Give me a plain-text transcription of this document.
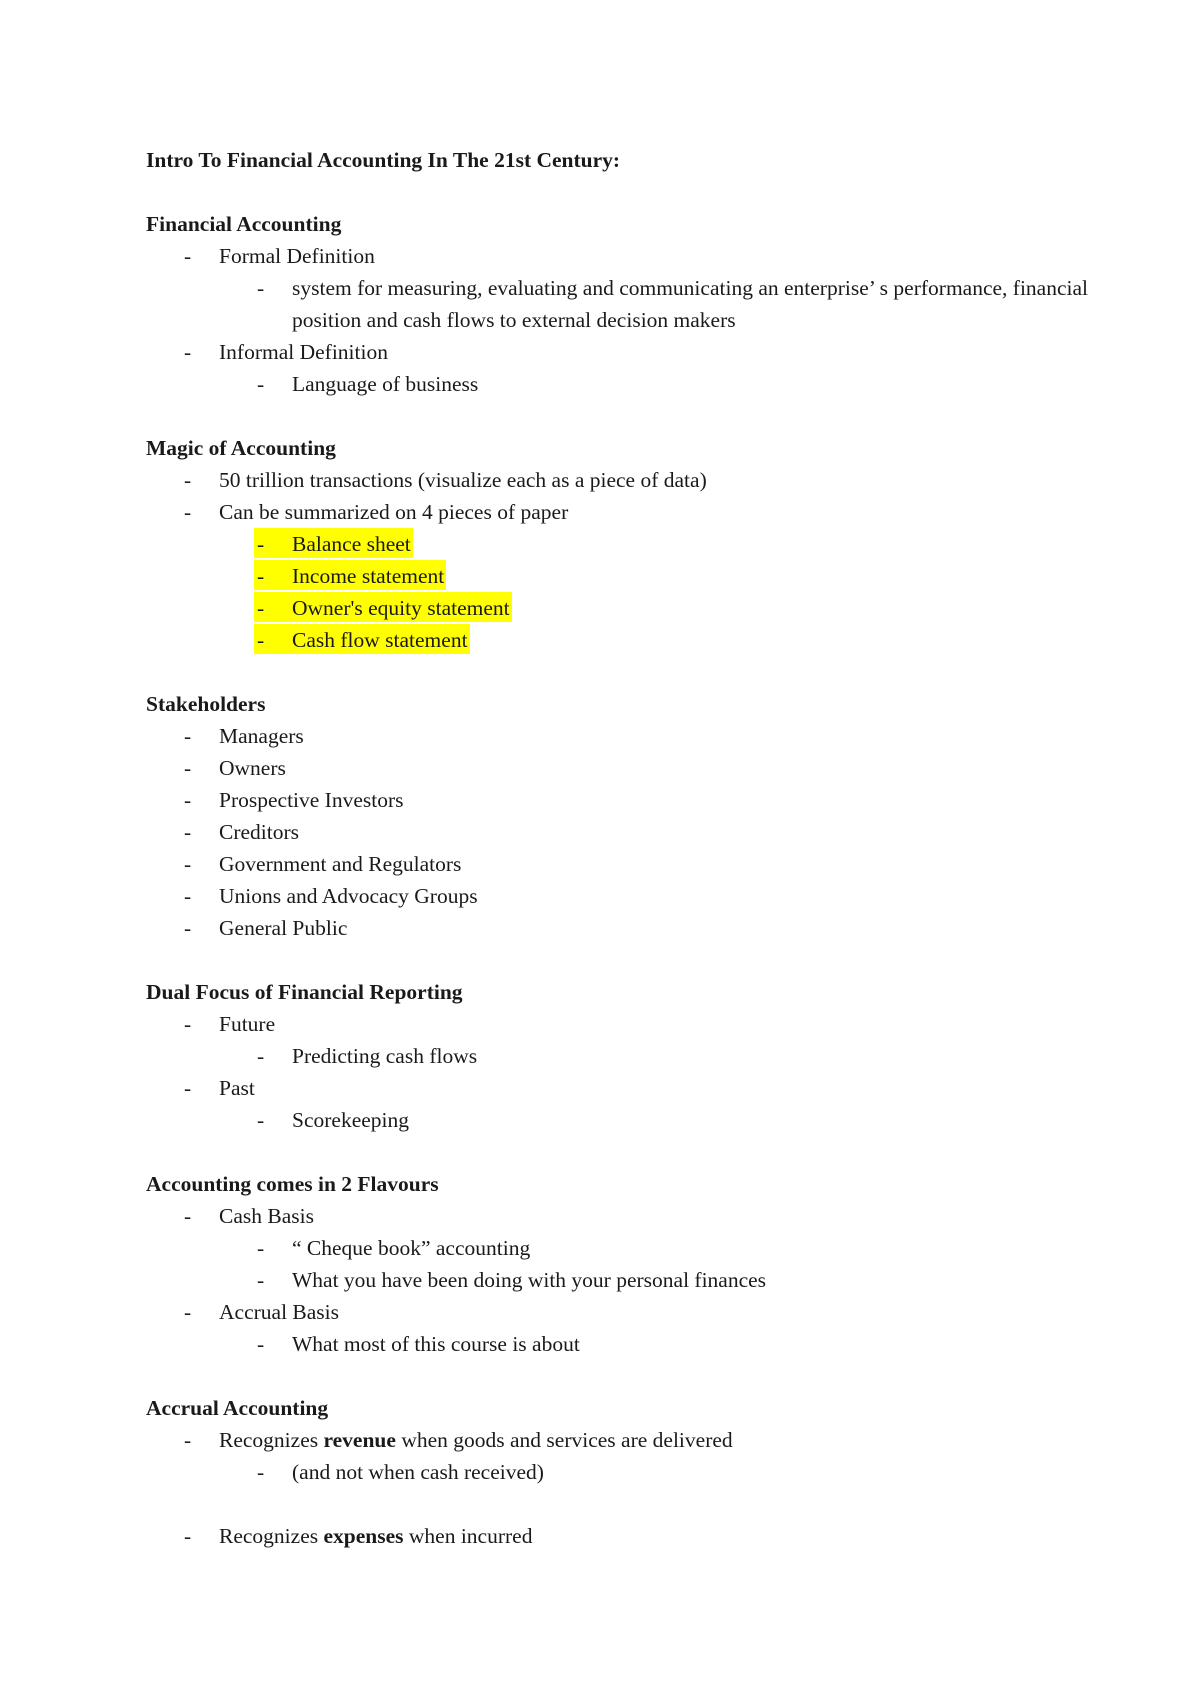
Intro To Financial Accounting In The 21st Century:
Financial Accounting
- Formal Definition
- system for measuring, evaluating and communicating an enterprise’ s performance, financial position and cash flows to external decision makers
- Informal Definition
- Language of business
Magic of Accounting
- 50 trillion transactions (visualize each as a piece of data)
- Can be summarized on 4 pieces of paper
- Balance sheet
- Income statement
- Owner's equity statement
- Cash flow statement
Stakeholders
- Managers
- Owners
- Prospective Investors
- Creditors
- Government and Regulators
- Unions and Advocacy Groups
- General Public
Dual Focus of Financial Reporting
- Future
- Predicting cash flows
- Past
- Scorekeeping
Accounting comes in 2 Flavours
- Cash Basis
- “ Cheque book” accounting
- What you have been doing with your personal finances
- Accrual Basis
- What most of this course is about
Accrual Accounting
- Recognizes revenue when goods and services are delivered
- (and not when cash received)
- Recognizes expenses when incurred
